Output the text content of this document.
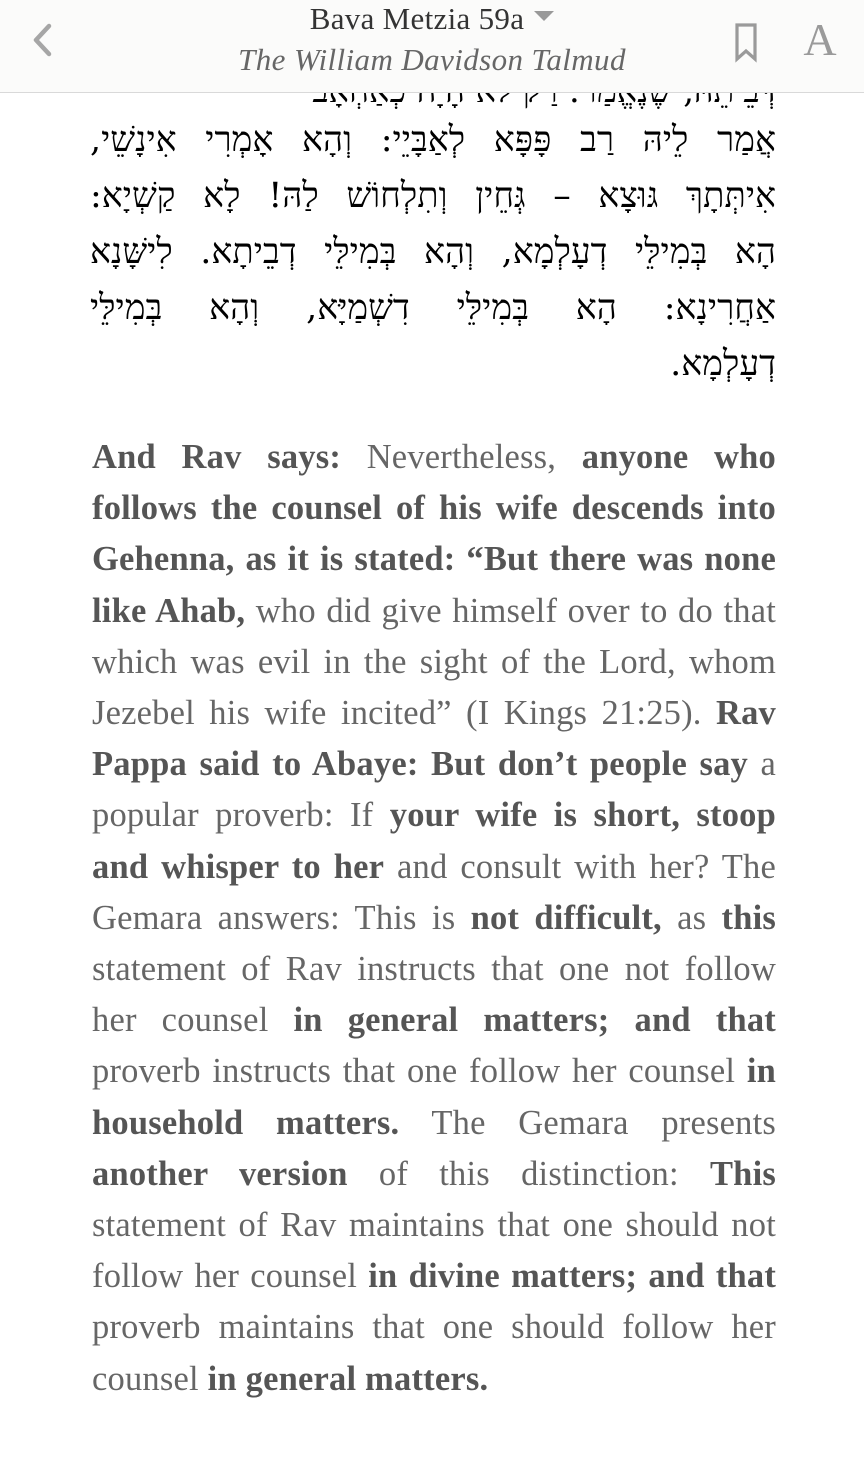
Bava Metzia 59a
The William Davidson Talmud	A
אֲמַר לֵיהּ רַב פָּפָּא לְאַבָּיֵי: וְהָא אָמְרִי אִינָשֵׁי,
אִיתְּתָךְ גּוּצָא – גְּחֵין וְתִלְחוֹשׁ לַהּ! לָא קַשְׁיָא:
הָא בְּמִילֵּי דְעָלְמָא, וְהָא בְּמִילֵּי דְבֵיתָא. לִישָּׁנָא
אַחֲרִינָא: הָא בְּמִילֵּי דִשְׁמַיָּא, וְהָא בְּמִילֵּי
דְעָלְמָא.
And Rav says: Nevertheless, anyone who follows the counsel of his wife descends into Gehenna, as it is stated: “But there was none like Ahab, who did give himself over to do that which was evil in the sight of the Lord, whom Jezebel his wife incited” (I Kings 21:25). Rav Pappa said to Abaye: But don’t people say a popular proverb: If your wife is short, stoop and whisper to her and consult with her? The Gemara answers: This is not difficult, as this statement of Rav instructs that one not follow her counsel in general matters; and that proverb instructs that one follow her counsel in household matters. The Gemara presents another version of this distinction: This statement of Rav maintains that one should not follow her counsel in divine matters; and that proverb maintains that one should follow her counsel in general matters.
